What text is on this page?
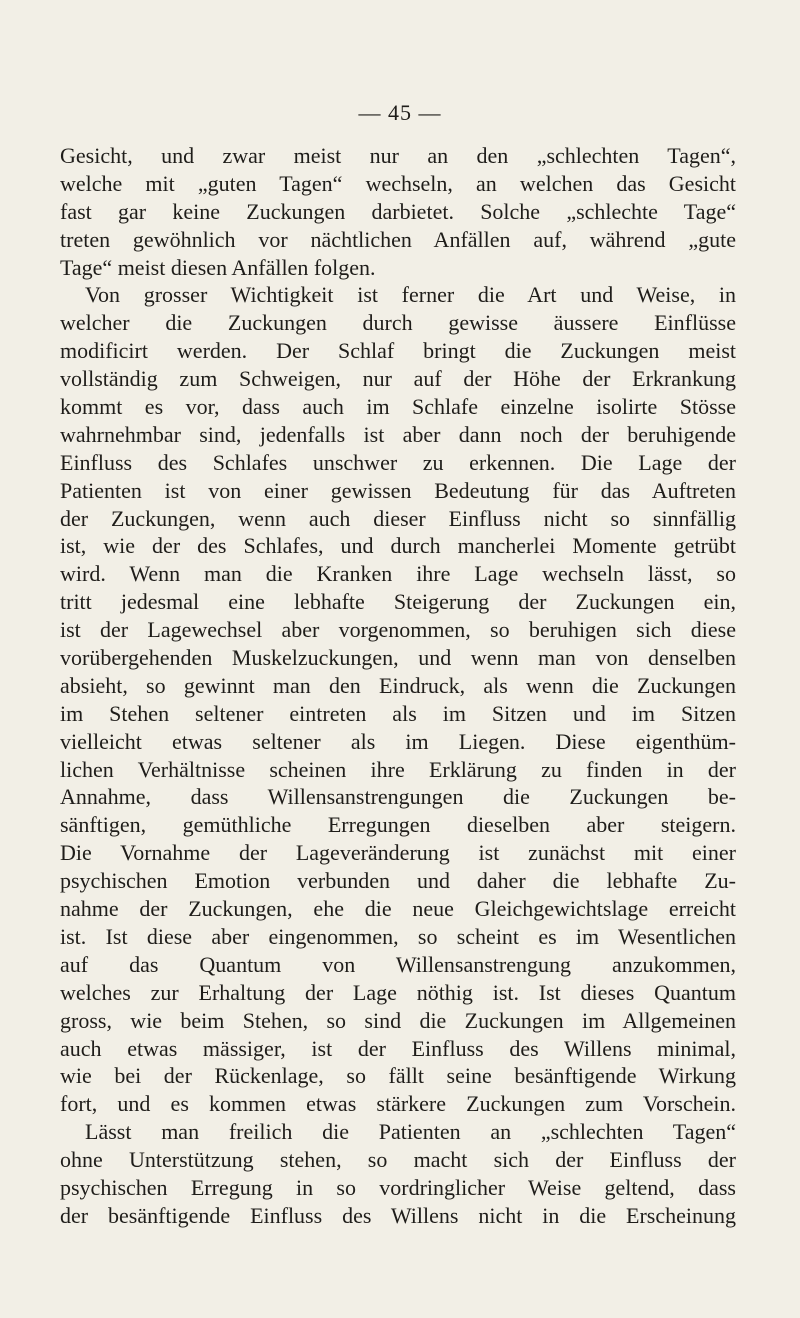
— 45 —
Gesicht, und zwar meist nur an den „schlechten Tagen“,
welche mit „guten Tagen“ wechseln, an welchen das Gesicht
fast gar keine Zuckungen darbietet. Solche „schlechte Tage“
treten gewöhnlich vor nächtlichen Anfällen auf, während „gute
Tage“ meist diesen Anfällen folgen.
Von grosser Wichtigkeit ist ferner die Art und Weise, in
welcher die Zuckungen durch gewisse äussere Einflüsse
modificirt werden. Der Schlaf bringt die Zuckungen meist
vollständig zum Schweigen, nur auf der Höhe der Erkrankung
kommt es vor, dass auch im Schlafe einzelne isolirte Stösse
wahrnehmbar sind, jedenfalls ist aber dann noch der beruhigende
Einfluss des Schlafes unschwer zu erkennen. Die Lage der
Patienten ist von einer gewissen Bedeutung für das Auftreten
der Zuckungen, wenn auch dieser Einfluss nicht so sinnfällig
ist, wie der des Schlafes, und durch mancherlei Momente getrübt
wird. Wenn man die Kranken ihre Lage wechseln lässt, so
tritt jedesmal eine lebhafte Steigerung der Zuckungen ein,
ist der Lagewechsel aber vorgenommen, so beruhigen sich diese
vorübergehenden Muskelzuckungen, und wenn man von denselben
absieht, so gewinnt man den Eindruck, als wenn die Zuckungen
im Stehen seltener eintreten als im Sitzen und im Sitzen
vielleicht etwas seltener als im Liegen. Diese eigenthüm-
lichen Verhältnisse scheinen ihre Erklärung zu finden in der
Annahme, dass Willensanstrengungen die Zuckungen be-
sänftigen, gemüthliche Erregungen dieselben aber steigern.
Die Vornahme der Lageveränderung ist zunächst mit einer
psychischen Emotion verbunden und daher die lebhafte Zu-
nahme der Zuckungen, ehe die neue Gleichgewichtslage erreicht
ist. Ist diese aber eingenommen, so scheint es im Wesentlichen
auf das Quantum von Willensanstrengung anzukommen,
welches zur Erhaltung der Lage nöthig ist. Ist dieses Quantum
gross, wie beim Stehen, so sind die Zuckungen im Allgemeinen
auch etwas mässiger, ist der Einfluss des Willens minimal,
wie bei der Rückenlage, so fällt seine besänftigende Wirkung
fort, und es kommen etwas stärkere Zuckungen zum Vorschein.
Lässt man freilich die Patienten an „schlechten Tagen“
ohne Unterstützung stehen, so macht sich der Einfluss der
psychischen Erregung in so vordringlicher Weise geltend, dass
der besänftigende Einfluss des Willens nicht in die Erscheinung
